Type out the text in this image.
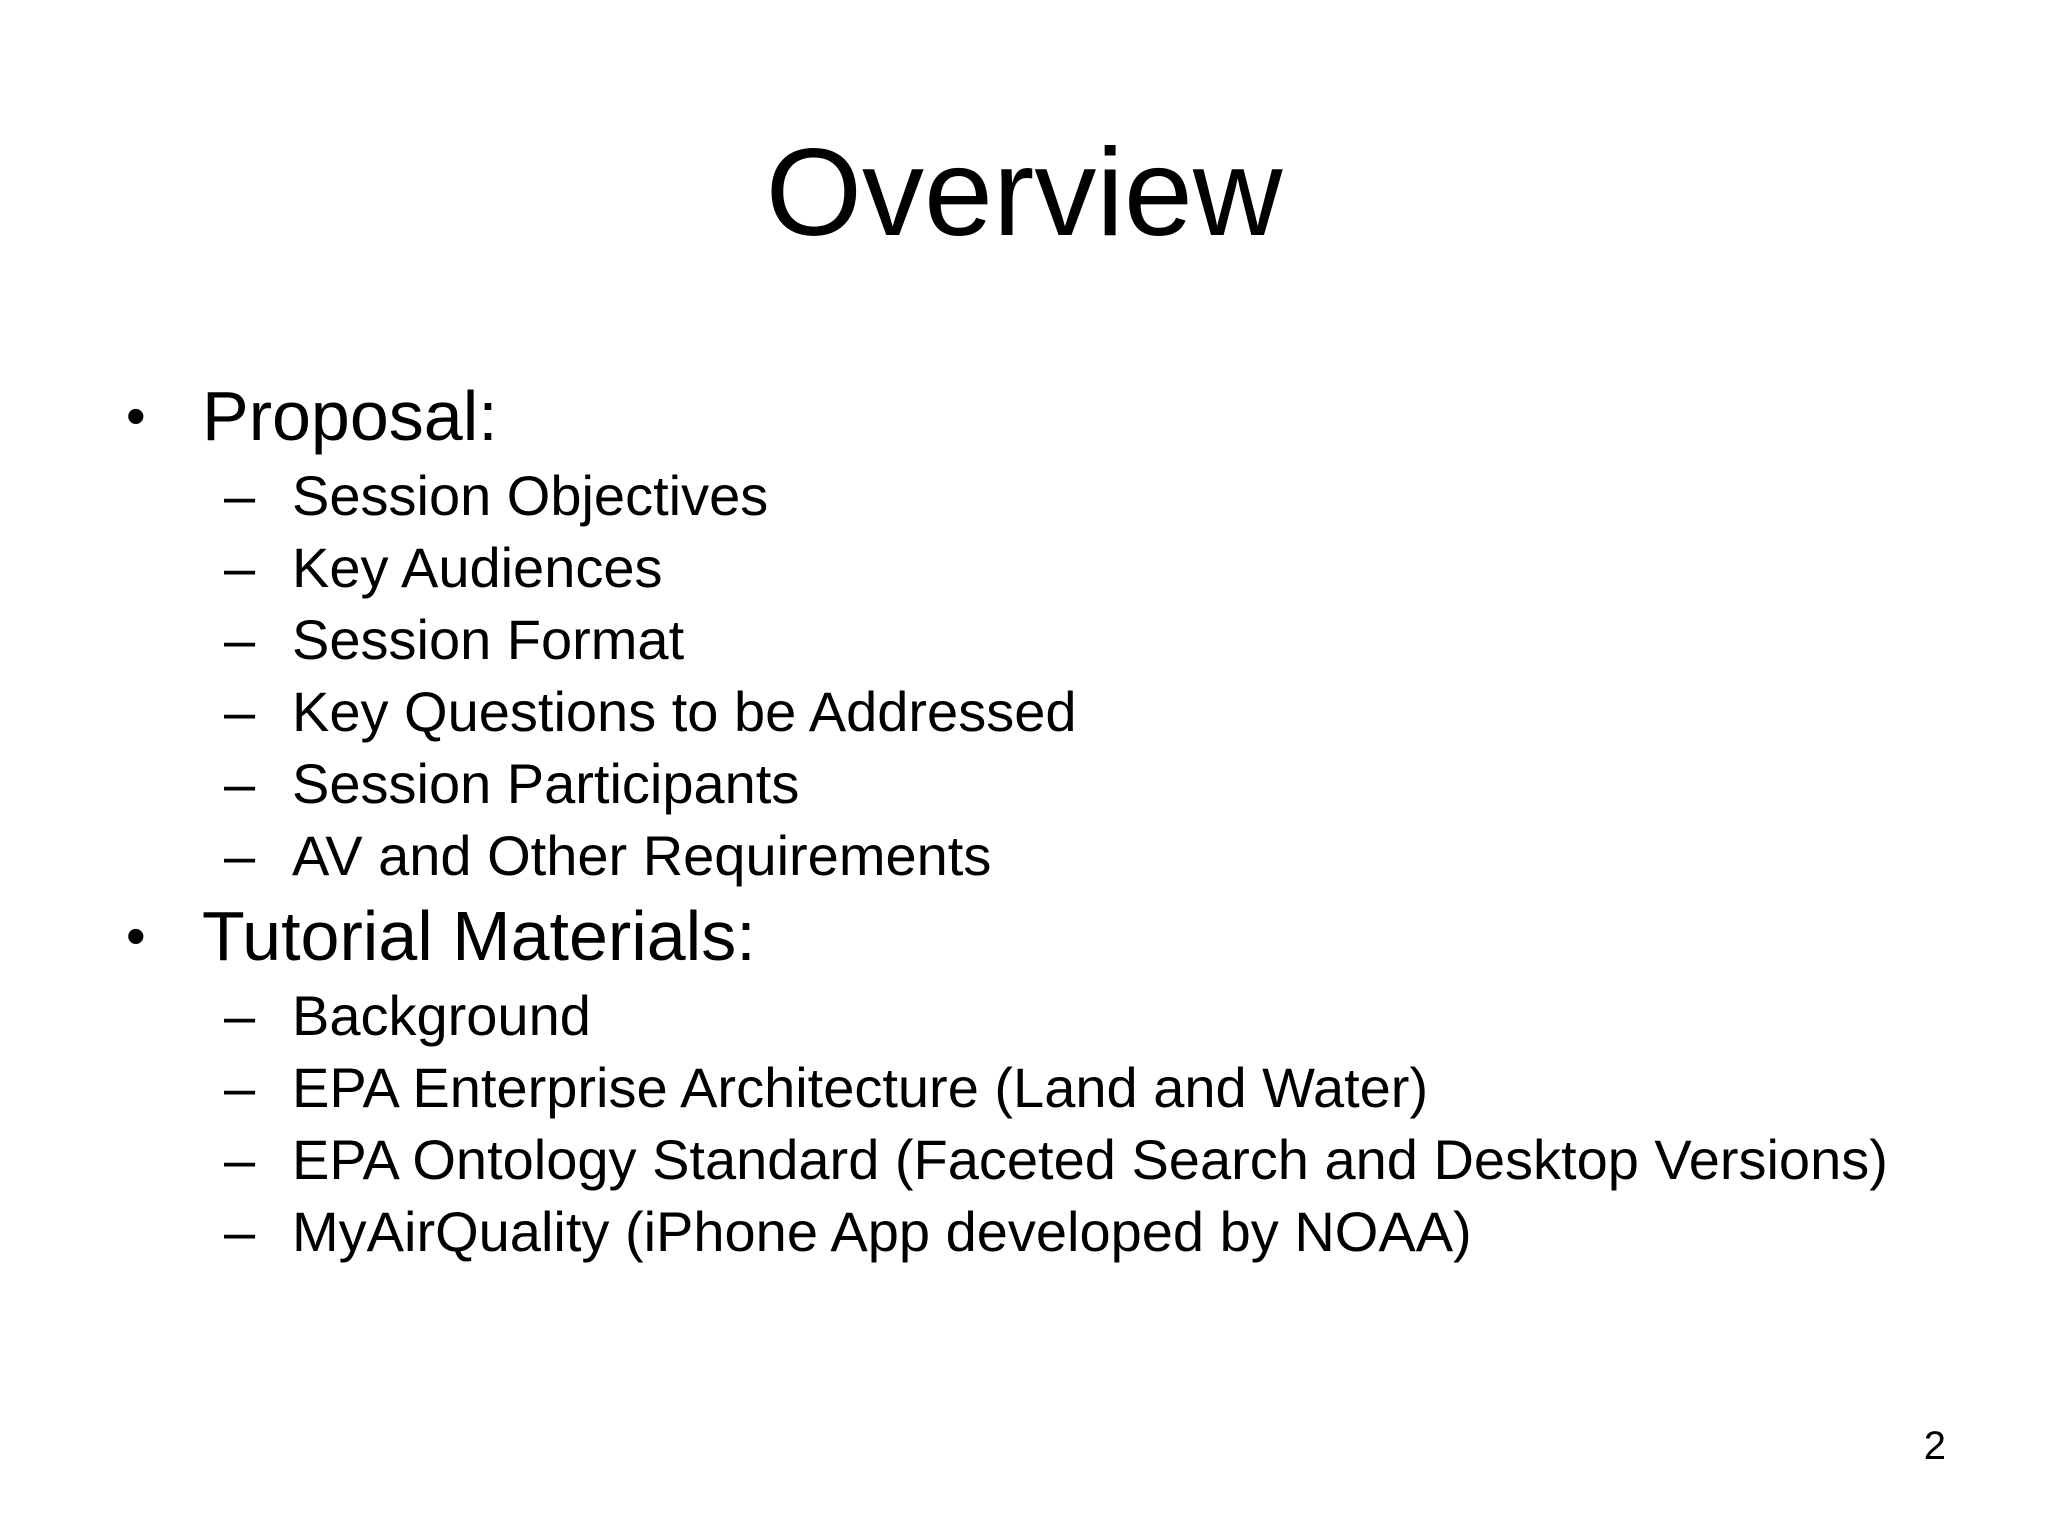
Overview
• Proposal:
– Session Objectives
– Key Audiences
– Session Format
– Key Questions to be Addressed
– Session Participants
– AV and Other Requirements
• Tutorial Materials:
– Background
– EPA Enterprise Architecture (Land and Water)
– EPA Ontology Standard (Faceted Search and Desktop Versions)
– MyAirQuality (iPhone App developed by NOAA)
2
